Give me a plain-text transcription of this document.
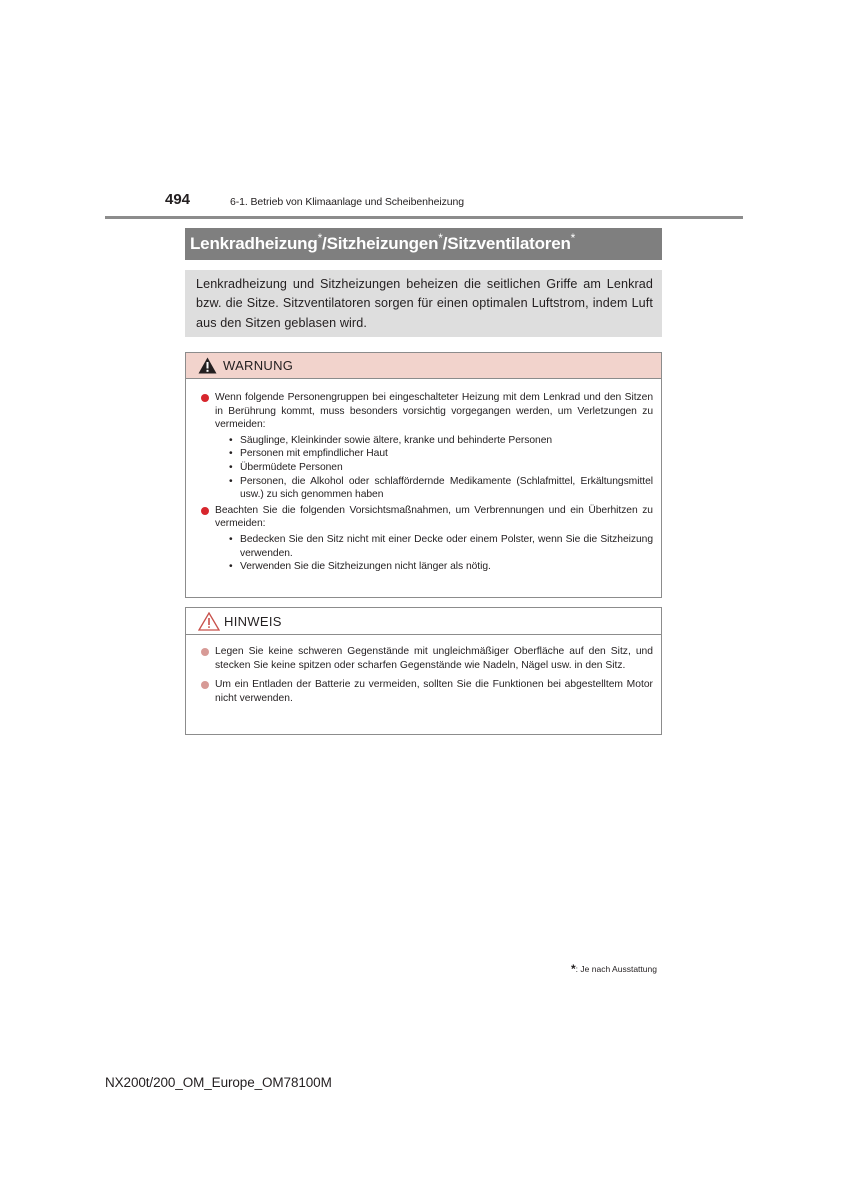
494	6-1. Betrieb von Klimaanlage und Scheibenheizung
Lenkradheizung*/Sitzheizungen*/Sitzventilatoren*
Lenkradheizung und Sitzheizungen beheizen die seitlichen Griffe am Lenkrad bzw. die Sitze. Sitzventilatoren sorgen für einen optimalen Luftstrom, indem Luft aus den Sitzen geblasen wird.
WARNUNG
Wenn folgende Personengruppen bei eingeschalteter Heizung mit dem Lenkrad und den Sitzen in Berührung kommt, muss besonders vorsichtig vorgegangen werden, um Verletzungen zu vermeiden:
• Säuglinge, Kleinkinder sowie ältere, kranke und behinderte Personen
• Personen mit empfindlicher Haut
• Übermüdete Personen
• Personen, die Alkohol oder schlaffördernde Medikamente (Schlafmittel, Erkältungsmittel usw.) zu sich genommen haben
Beachten Sie die folgenden Vorsichtsmaßnahmen, um Verbrennungen und ein Überhitzen zu vermeiden:
• Bedecken Sie den Sitz nicht mit einer Decke oder einem Polster, wenn Sie die Sitzheizung verwenden.
• Verwenden Sie die Sitzheizungen nicht länger als nötig.
HINWEIS
Legen Sie keine schweren Gegenstände mit ungleichmäßiger Oberfläche auf den Sitz, und stecken Sie keine spitzen oder scharfen Gegenstände wie Nadeln, Nägel usw. in den Sitz.
Um ein Entladen der Batterie zu vermeiden, sollten Sie die Funktionen bei abgestelltem Motor nicht verwenden.
*: Je nach Ausstattung
NX200t/200_OM_Europe_OM78100M
